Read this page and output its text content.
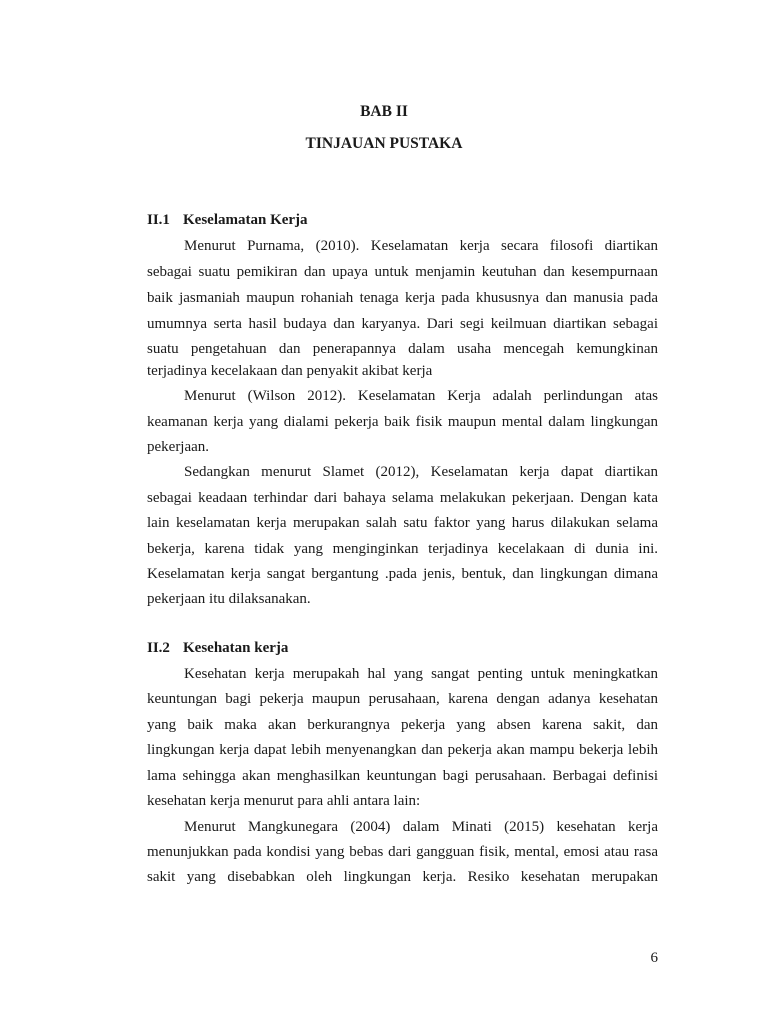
BAB II
TINJAUAN PUSTAKA
II.1 Keselamatan Kerja
Menurut Purnama, (2010). Keselamatan kerja secara filosofi diartikan
sebagai suatu pemikiran dan upaya untuk menjamin keutuhan dan kesempurnaan
baik jasmaniah maupun rohaniah tenaga kerja pada khususnya dan manusia pada
umumnya serta hasil budaya dan karyanya. Dari segi keilmuan diartikan sebagai
suatu pengetahuan dan penerapannya dalam usaha mencegah kemungkinan
terjadinya kecelakaan dan penyakit akibat kerja
Menurut (Wilson 2012). Keselamatan Kerja adalah perlindungan atas
keamanan kerja yang dialami pekerja baik fisik maupun mental dalam lingkungan
pekerjaan.
Sedangkan menurut Slamet (2012), Keselamatan kerja dapat diartikan
sebagai keadaan terhindar dari bahaya selama melakukan pekerjaan. Dengan kata
lain keselamatan kerja merupakan salah satu faktor yang harus dilakukan selama
bekerja, karena tidak yang menginginkan terjadinya kecelakaan di dunia ini.
Keselamatan kerja sangat bergantung .pada jenis, bentuk, dan lingkungan dimana
pekerjaan itu dilaksanakan.
II.2 Kesehatan kerja
Kesehatan kerja merupakah hal yang sangat penting untuk meningkatkan
keuntungan bagi pekerja maupun perusahaan, karena dengan adanya kesehatan
yang baik maka akan berkurangnya pekerja yang absen karena sakit, dan
lingkungan kerja dapat lebih menyenangkan dan pekerja akan mampu bekerja lebih
lama sehingga akan menghasilkan keuntungan bagi perusahaan. Berbagai definisi
kesehatan kerja menurut para ahli antara lain:
Menurut Mangkunegara (2004) dalam Minati (2015) kesehatan kerja
menunjukkan pada kondisi yang bebas dari gangguan fisik, mental, emosi atau rasa
sakit yang disebabkan oleh lingkungan kerja. Resiko kesehatan merupakan
6
